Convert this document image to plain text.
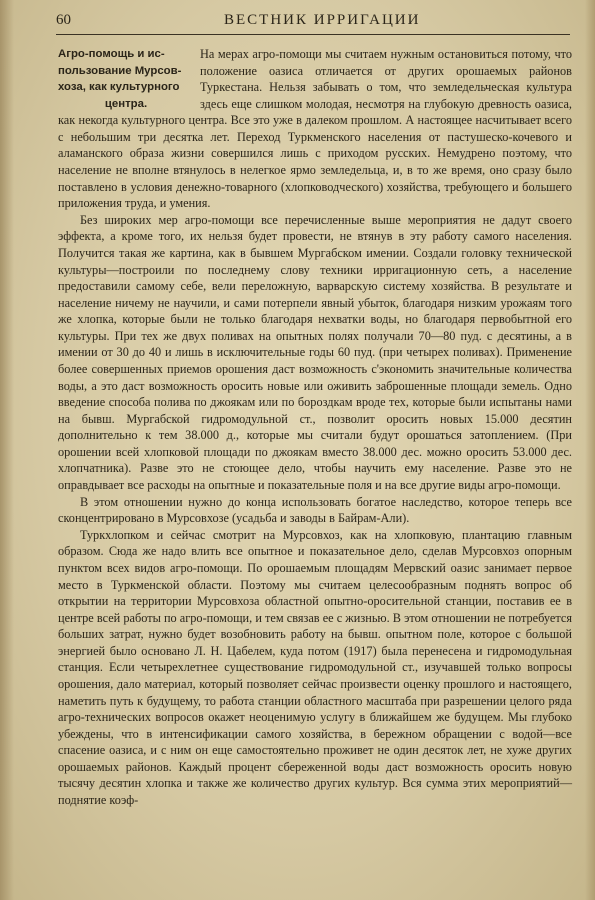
60	ВЕСТНИК ИРРИГАЦИИ
Агро-помощь и ис-
пользование Мурсов-
хоза, как культурного
центра.

На мерах агро-помощи мы считаем нужным остановиться потому, что положение оазиса отличается от других орошаемых районов Туркестана. Нельзя забывать о том, что земледельческая культура здесь еще слишком молодая, несмотря на глубокую древность оазиса, как некогда культурного центра. Все это уже в далеком прошлом. А настоящее насчитывает всего с небольшим три десятка лет. Переход Туркменского населения от пастушеско-кочевого и аламанского образа жизни совершился лишь с приходом русских. Немудрено поэтому, что население не вполне втянулось в нелегкое ярмо земледельца, и, в то же время, оно сразу было поставлено в условия денежно-товарного (хлопководческого) хозяйства, требующего и большего приложения труда, и умения.

Без широких мер агро-помощи все перечисленные выше мероприятия не дадут своего эффекта, а кроме того, их нельзя будет провести, не втянув в эту работу самого населения. Получится такая же картина, как в бывшем Мургабском имении. Создали головку технической культуры—построили по последнему слову техники ирригационную сеть, а население предоставили самому себе, вели переложную, варварскую систему хозяйства. В результате и население ничему не научили, и сами потерпели явный убыток, благодаря низким урожаям того же хлопка, которые были не только благодаря нехватки воды, но благодаря первобытной его культуры. При тех же двух поливах на опытных полях получали 70—80 пуд. с десятины, а в имении от 30 до 40 и лишь в исключительные годы 60 пуд. (при четырех поливах). Применение более совершенных приемов орошения даст возможность с'экономить значительные количества воды, а это даст возможность оросить новые или оживить заброшенные площади земель. Одно введение способа полива по джоякам или по бороздкам вроде тех, которые были испытаны нами на бывш. Мургабской гидромодульной ст., позволит оросить новых 15.000 десятин дополнительно к тем 38.000 д., которые мы считали будут орошаться затоплением. (При орошении всей хлопковой площади по джоякам вместо 38.000 дес. можно оросить 53.000 дес. хлопчатника). Разве это не стоющее дело, чтобы научить ему население. Разве это не оправдывает все расходы на опытные и показательные поля и на все другие виды агро-помощи.

В этом отношении нужно до конца использовать богатое наследство, которое теперь все сконцентрировано в Мурсовхозе (усадьба и заводы в Байрам-Али).

Туркхлопком и сейчас смотрит на Мурсовхоз, как на хлопковую, плантацию главным образом. Сюда же надо влить все опытное и показательное дело, сделав Мурсовхоз опорным пунктом всех видов агро-помощи. По орошаемым площадям Мервский оазис занимает первое место в Туркменской области. Поэтому мы считаем целесообразным поднять вопрос об открытии на территории Мурсовхоза областной опытно-оросительной станции, поставив ее в центре всей работы по агро-помощи, и тем связав ее с жизнью. В этом отношении не потребуется больших затрат, нужно будет возобновить работу на бывш. опытном поле, которое с большой энергией было основано Л. Н. Цабелем, куда потом (1917) была перенесена и гидромодульная станция. Если четырехлетнее существование гидромодульной ст., изучавшей только вопросы орошения, дало материал, который позволяет сейчас произвести оценку прошлого и настоящего, наметить путь к будущему, то работа станции областного масштаба при разрешении целого ряда агро-технических вопросов окажет неоценимую услугу в ближайшем же будущем. Мы глубоко убеждены, что в интенсификации самого хозяйства, в бережном обращении с водой—все спасение оазиса, и с ним он еще самостоятельно проживет не один десяток лет, не хуже других орошаемых районов. Каждый процент сбереженной воды даст возможность оросить новую тысячу десятин хлопка и также же количество других культур. Вся сумма этих мероприятий—поднятие коэф-
